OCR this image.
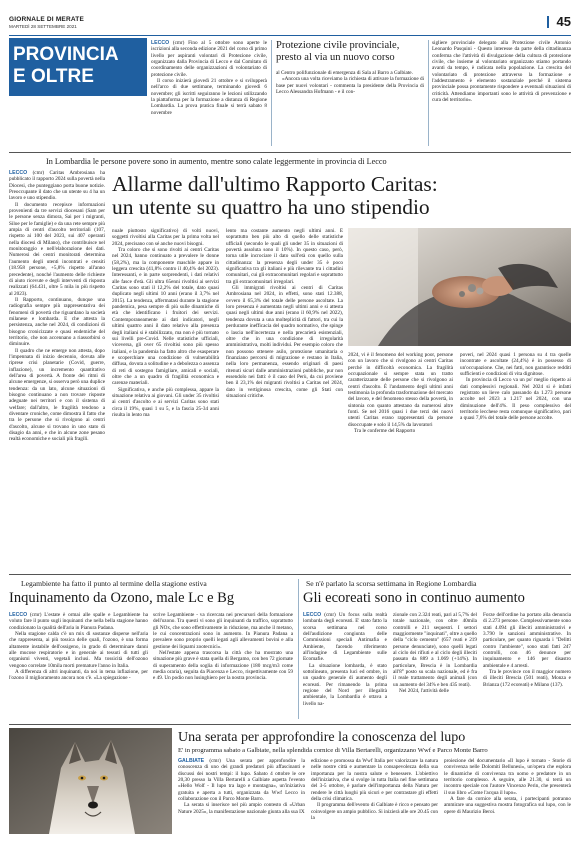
GIORNALE DI MERATE
MARTEDÌ 28 SETTEMBRE 2021	45
PROVINCIA
E OLTRE

LECCO (cmr) Fino al 5 ottobre sono aperte le iscrizioni alla seconda edizione 2021 del corso di primo livello per aspiranti volontari di Protezione civile, organizzato dalla Provincia di Lecco e dal Comitato di coordinamento delle organizzazioni di volontariato di protezione civile.

Il corso inizierà giovedì 21 ottobre e si svilupperà nell'arco di due settimane, terminando giovedì 6 novembre; gli iscritti seguiranno le lezioni utilizzando la piattaforma per la formazione a distanza di Regione Lombardia. La prova pratica finale si terrà sabato 8 novembre

Protezione civile provinciale, presto al via un nuovo corso

al Centro polifunzionale di emergenza di Sala al Barro a Galbiate.

«Ancora una volta riceviamo la richiesta di attivare la formazione di base per nuovi volontari - commenta la presidente della Provincia di Lecco Alessandra Hofmann - e il con-

sigliere provinciale delegato alla Protezione civile Antonio Leonardo Pasquini - Questo interesse da parte della cittadinanza conferma che l'attività di divulgazione della cultura di protezione civile, che insieme al volontariato organizzato stiamo portando avanti da tempo, è radicata nella popolazione. La crescita del volontariato di protezione attraverso la formazione e l'addestramento è elemento sostanziale perché il sistema provinciale possa prontamente rispondere a eventuali situazioni di criticità. Attendiamo importanti sono le attività di prevenzione e cura del territorio».

In Lombardia le persone povere sono in aumento, mentre sono calate leggermente in provincia di Lecco

LECCO (cmr) Caritas Ambrosiana ha pubblicato il rapporto 2024 sulla povertà nella Diocesi, che punteggiano porta buone notizie. Preoccupante il dato che un utente su 4 ha un lavoro e uno stipendio.

Il documento recepisce informazioni provenienti da tre servizi diocesani (Sam per le persone senza dimora, Sai per i migranti, Siloe per le famiglie) e da una rete sempre più ampia di centri d'ascolto territoriali (107, rispetto ai 100 del 2023, sui 407 operanti nella diocesi di Milano), che contribuisce nel monitoraggio e nell'elaborazione dei dati. Numerosi dei centri monitorati determina l'aumento degli utenti incontrati e censiti (18.958 persone, +5,8% rispetto all'anno precedente), nonché l'aumento delle richieste di aiuto ricevute e degli interventi di risposta realizzati (64.431, oltre 5 mila in più rispetto al 2023).

Il Rapporto, continuano, dunque una radiografia sempre più rappresentativa dei fenomeni di povertà che riguardano la società milanese e lombarda. E che attesta la persistenza, anche nel 2024, di condizioni di bisogno cronicizzate e quasi endemiche del territorio, che non accennano a riassorbirsi o diminuire.

Il quadro che ne emerge non attesta, dopo l'impennata di inizio decennio, dovuta alle riprese crisi planetarie (Covid, guerre, inflazione), un incremento quantitativo dell'area di povertà. A fronte dei ritmi di alcune emergenze, si osserva però una duplice tendenza: da un lato, alcune situazioni di bisogno continuano a non trovare risposte adeguate nei territori e con il sistema di welfare; dall'altro, le fragilità tendono a diventare croniche, come dimostra il fatto che tra le persone che si rivolgono ai centri d'ascolto, alcune si trovano in uno stato di disagio da anni, e che in alcune zone pesano realtà economiche e sociali più fragili.

Allarme dall'ultimo Rapporto Caritas:
un utente su quattro ha uno stipendio

nuale piuttosto significativo) di volti nuovi, soggetti rivoltisi alla Caritas per la prima volta nel 2024, precisano con sé anche nuovi bisogni.

Tra coloro che si sono rivolti ai centri Caritas nel 2024, hanno continuato a prevalere le donne (58,2%), ma la componente maschile appare in leggera crescita (41,8% contro il 40,4% del 2023). Interessanti, e in parte sorprendenti, i dati relativi alle fasce d'età. Gli ultra 65enni rivoltisi ai servizi Caritas sono stati il 12,2% del totale, dato quasi duplicato negli ultimi 10 anni (erano il 3,7% nel 2015). La tendenza, affermatasi durante la stagione pandemica, pesa sempre di più sulle dinamiche di età che identificano i fruitori dei servizi. Contemporaneamente ai dati indicatori, negli ultimi quattro anni il dato relativo alla presenza degli italiani si è stabilizzato, ma non è più tornato sui livelli pre-Covid. Nelle statistiche ufficiali, viceversa, gli over 65 rivoltisi sono più spesso italiani, e la pandemia ha fatto altro che esasperare e scoperchiare una condizione di vulnerabilità diffusa, dovuta a solitudine e a debolezza o assenza di reti di sostegno famigliare, amicali e sociali, oltre che a un quadro di fragilità economica e carenze materiali.

Significativa, e anche più complessa, appare la situazione relativa ai giovani. Gli under 35 rivoltisi ai centri d'ascolto e ai servizi Caritas sono stati circa il 19%, quasi 1 su 5, e la fascia 25-34 anni risulta in lento ma

lento ma costante aumento negli ultimi anni. È soprattutto ben più alto di quello delle statistiche ufficiali (secondo le quali gli under 35 in situazioni di povertà assoluta sono il 10%). In questo caso, però, torna utile incrociare il dato sull'età con quello sulla cittadinanza: la presenza degli under 35 è poco significativa tra gli italiani e più rilevante tra i cittadini comunitari, cui gli extracomunitari regolari e soprattutto tra gli extracomunitari irregolari.

Gli immigrati rivoltisi ai centri di Caritas Ambrosiana nel 2024, in effetti, sono stati 12.388, ovvero il 65,3% del totale delle persone ascoltate. La loro presenza è aumentata negli ultimi anni e si attesta quasi negli ultimi due anni (erano il 60,9% nel 2022), tendenza dovuta a una molteplicità di fattori, tra cui la perdurante inefficacia del quadro normativo, che spinge o lascia nell'incertezza e nella precarietà esistenziali, oltre che in una condizione di irregolarità amministrativa, molti individui. Per esempio coloro che non possono ottenere asilo, protezione umanitaria o finanziano percorsi di migrazione e restano in Italia, nella loro permanenza, essendo originari di paesi ritenuti sicuri dalle amministrazioni pubbliche, pur non essendolo nei fatti: è il caso del Perù, da cui proviene ben il 23,1% dei migranti rivoltisi a Caritas nel 2024, dato in vertiginosa crescita, come gli Stati con situazioni critiche.

2024, vi è il fenomeno del working poor, persone con un lavoro che si rivolgono ai centri Caritas perché in difficoltà economica. La fragilità occupazionale si sempre stata un tratto caratterizzante delle persone che si rivolgono ai centri d'ascolto. È l'andamento degli ultimi anni testimonia la profonda trasformazione del mercato del lavoro, e del fenomeno stesso della povertà, in sintonia con quanto attestano da numerosi altre fonti. Se nel 2016 quasi i due terzi dei nuovi utenti Caritas erano rappresentati da persone disoccupate e solo il 14,5% da lavoratori

Tra le conferme del Rapporto

poveri, nel 2024 quasi 1 persona su 4 tra quelle incontrate e ascoltate (24,4%) è in possesso di un'occupazione. Che, nei fatti, non garantisce redditi sufficienti e condizioni di vita dignitose.

In provincia di Lecco va un po' meglio rispetto ai dati complessivi regionali. Nel 2024 si è infatti registrato un lieve calo passando da 1.273 persone accolte nel 2023 a 1.217 nel 2024, con una diminuzione dell'4%. Il peso complessivo del territorio lecchese resta comunque significativo, pari a quasi 7,6% del totale delle persone accolte.

Legambiente ha fatto il punto al termine della stagione estiva
Inquinamento da Ozono, male Lc e Bg

LECCO (cmr) L'estate è ormai alle spalle e Legambiente ha voluto fare il punto sugli inquinanti che nella bella stagione hanno condizionato la qualità dell'aria in Pianura Padana.

Nella stagione calda c'è un mix di sostanze disperse nell'aria che rappresenta, ai più tossica delle quali, l'ozono, è una forma altamente instabile dell'ossigeno, in grado di determinare danni alle mucose respiratorie e in generale ai tessuti di tutti gli organismi viventi, vegetali inclusi. Ma tossicità dell'ozono vengono correlate 10mila morti premature l'anno in Italia.

A differenza di altri inquinanti, da noi in tema inflazione, per l'ozono il miglioramento ancora non c'è. «La spiegazione -

scrive Legambiente - va ricercata nei precursori della formazione dell'ozono. Tra questi vi sono gli inquinanti da traffico, soprattutto gli NOx, che sono effettivamente in riduzione, ma anche il metano, le cui concentrazioni sono in aumento. In Pianura Padana a prevalere sono proprio quelli legati agli allevamenti bovini e alla gestione dei liquami zootecnici».

Nell'estate appena trascorsa la città che ha mostrato una situazione più grave è stata quella di Bergamo, con ben 72 giornate di superamento della soglia di informazione (180 mcg/m3 come media oraria), seguita da Piacenza e Lecco, rispettivamente con 59 e 49. Un podio non lusinghiero per la nostra provincia.

Se n'è parlato la scorsa settimana in Regione Lombardia
Gli ecoreati sono in continuo aumento

LECCO (cmr) Un focus sulla realtà lombarda degli ecoreati. E' stato fatto la scorsa settimana nel corso dell'audizione congiunta delle Commissioni speciali Antimafia e Ambiente, facendo riferimento all'indagine di Legambiente sulle Ecomafie.

La situazione lombarda, è stato sottolineato, presenta luci ed ombre, in un quadro generale di aumento degli ecoreati. Per rimanendo la prima regione del Nord per illegalità ambientale, la Lombardia è ottava a livello na-

zionale con 2.324 reati, pari al 5,7% del totale nazionale, con oltre 40mila controlli e 211 sequestri. I settori maggiormente "inquinati", oltre a quello della "ciclo cemento" (657 reati e 219 persone denunciate), sono quelli legati al ciclo dei rifiuti e al ciclo degli illeciti passato da 889 a 1.069 (+14%). In particolare, Brescia è in Lombardia all'8° posto su scala nazionale, ed è fra il reale trattamento degli animali (con un aumento del 34% e ben 435 reati).

Nel 2024, l'attività delle

Forze dell'ordine ha portato alla denuncia di 2.273 persone. Complessivamente sono stati 4.094 gli illeciti amministrativi e 3.790 le sanzioni amministrative. In particolare, per quanto riguarda i "Delitti contro l'ambiente", sono stati fatti 247 controlli, con 46 denunce per inquinamento e 146 per disastro ambientale e 4 arresti.

Tra le province con il maggior numero di illeciti Brescia (501 reati), Monza e Brianza (172 ecoreati) e Milano (137).

Una serata per approfondire la conoscenza del lupo
E' in programma sabato a Galbiate, nella splendida cornice di Villa Bertarelli, organizzano Wwf e Parco Monte Barro

GALBIATE (cmr) Una serata per approfondire la conoscenza di uno dei grandi predatori più affascinanti e discussi dei nostri tempi: il lupo. Sabato 4 ottobre le ore 20,30 presso la Villa Bertarelli a Galbiate aspetta l'evento «Hello Wolf - Il lupo tra lago e montagna», un'iniziativa gratuita e aperta a tutti, organizzata da Wwf Lecco in collaborazione con il Parco Monte Barro.

La serata si inserisce nel più ampio contesto di «Urban Nature 2025», la manifestazione nazionale giunta alla sua IX

edizione e promossa da Wwf Italia per valorizzare la natura nelle nostre città e aumentare la consapevolezza della sua importanza per la nostra salute e benessere. L'obiettivo dell'iniziativa, che si svolge in tutta Italia nel fine settimana del 3-5 ottobre, è parlare dell'importanza della Natura per rendere le città luoghi più sicuri e per contrastare gli effetti della crisi climatica.

Il programma dell'evento di Galbiate è ricco e pensato per coinvolgere un ampio pubblico. Si inizierà alle ore 20.45 con la

proiezione del documentario «Il lupo è tornato - Storie di convivenza nelle Dolomiti Bellunesi», un'opera che esplora le dinamiche di convivenza tra uomo e predatore in un territorio complesso. A seguire, alle 21.30, si terrà un incontro speciale con l'autore Vincenzo Perin, che presenterà il suo libro «Come l'acqua il lupo».

A fare da cornice alla serata, i partecipanti potranno ammirare una suggestiva mostra fotografica sul lupo, con le opere di Maurizio Beroi.
